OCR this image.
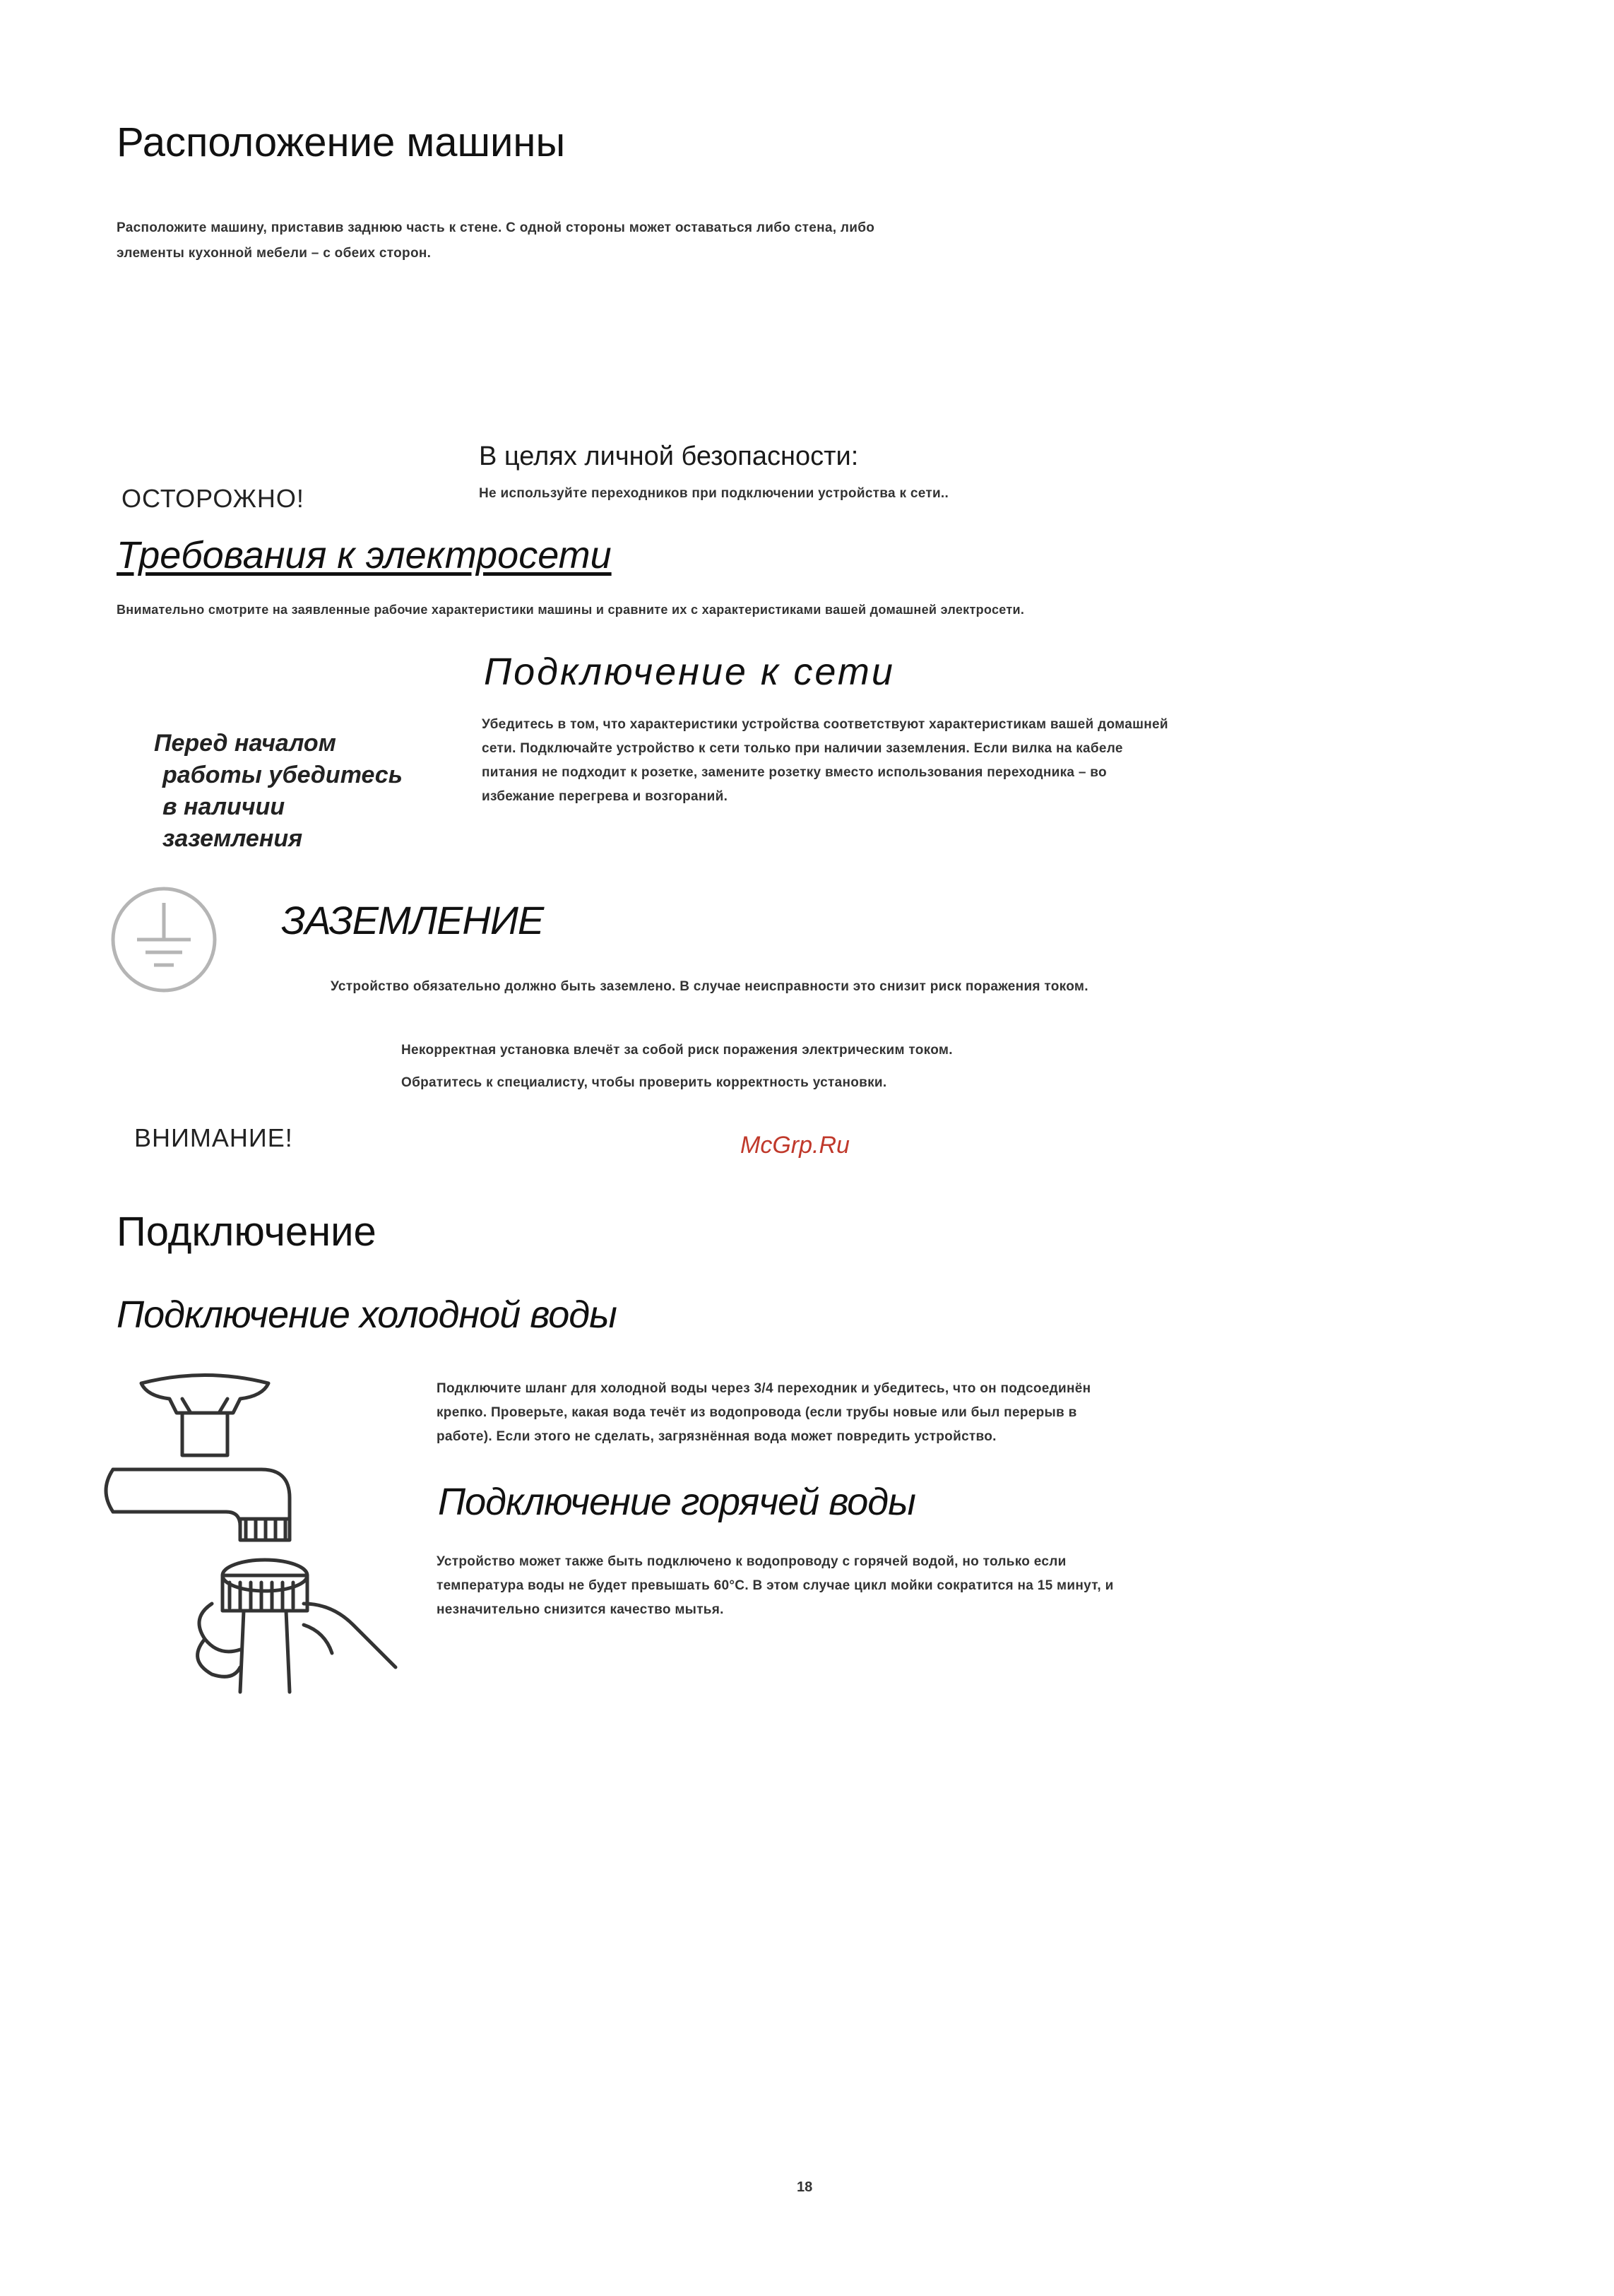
Расположение машины
Расположите машину, приставив заднюю часть к стене. С одной стороны может оставаться либо стена, либо
элементы кухонной мебели – с обеих сторон.
В целях личной безопасности:
ОСТОРОЖНО!	Не используйте переходников при подключении устройства к сети..
Требования к электросети
Внимательно смотрите на заявленные рабочие характеристики машины и сравните их с характеристиками вашей домашней электросети.
Подключение к сети
Перед началом
работы убедитесь
в наличии
заземления
Убедитесь в том, что характеристики устройства соответствуют характеристикам вашей домашней
сети. Подключайте устройство к сети только при наличии заземления. Если вилка на кабеле
питания не подходит к розетке, замените розетку вместо использования переходника – во
избежание перегрева и возгораний.
ЗАЗЕМЛЕНИЕ
Устройство обязательно должно быть заземлено. В случае неисправности это снизит риск поражения током.
Некорректная установка влечёт за собой риск поражения электрическим током.
Обратитесь к специалисту, чтобы проверить корректность установки.
ВНИМАНИЕ!	McGrp.Ru
Подключение
Подключение холодной воды
Подключите шланг для холодной воды через 3/4 переходник и убедитесь, что он подсоединён
крепко. Проверьте, какая вода течёт из водопровода (если трубы новые или был перерыв в
работе). Если этого не сделать, загрязнённая вода может повредить устройство.
Подключение горячей воды
Устройство может также быть подключено к водопроводу с горячей водой, но только если
температура воды не будет превышать 60°C. В этом случае цикл мойки сократится на 15 минут, и
незначительно снизится качество мытья.
18
